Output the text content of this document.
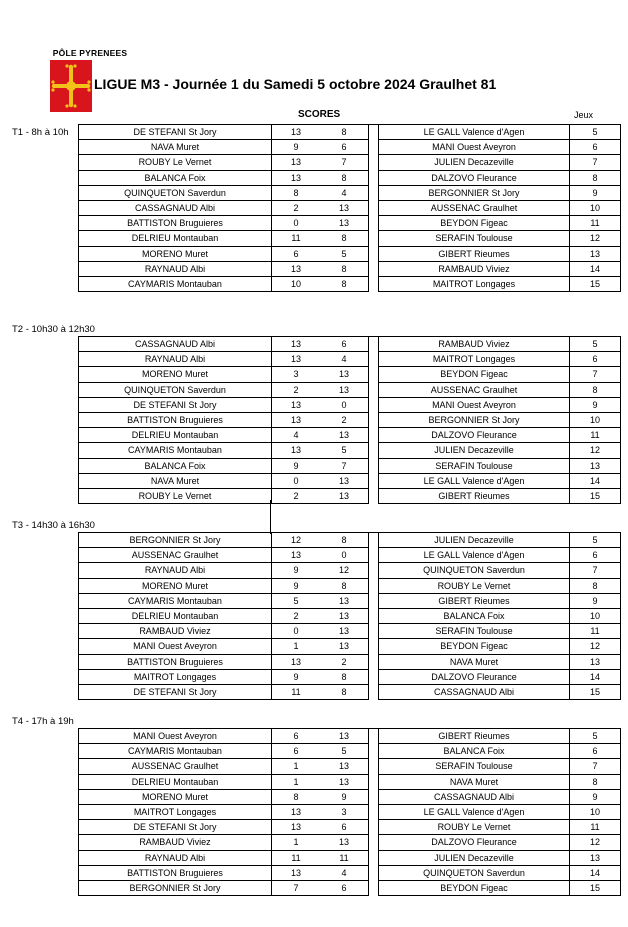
PÔLE PYRENEES
LIGUE M3 - Journée 1 du Samedi 5 octobre 2024 Graulhet 81
SCORES	Jeux
T1 - 8h à 10h	DE STEFANI St Jory	13	8		LE GALL Valence d'Agen	5
NAVA Muret	9	6		MANI Ouest Aveyron	6
ROUBY Le Vernet	13	7		JULIEN Decazeville	7
BALANCA Foix	13	8		DALZOVO Fleurance	8
QUINQUETON Saverdun	8	4		BERGONNIER St Jory	9
CASSAGNAUD Albi	2	13		AUSSENAC Graulhet	10
BATTISTON Bruguieres	0	13		BEYDON Figeac	11
DELRIEU Montauban	11	8		SERAFIN Toulouse	12
MORENO Muret	6	5		GIBERT Rieumes	13
RAYNAUD Albi	13	8		RAMBAUD Viviez	14
CAYMARIS Montauban	10	8		MAITROT Longages	15
T2 - 10h30 à 12h30
CASSAGNAUD Albi	13	6		RAMBAUD Viviez	5
RAYNAUD Albi	13	4		MAITROT Longages	6
MORENO Muret	3	13		BEYDON Figeac	7
QUINQUETON Saverdun	2	13		AUSSENAC Graulhet	8
DE STEFANI St Jory	13	0		MANI Ouest Aveyron	9
BATTISTON Bruguieres	13	2		BERGONNIER St Jory	10
DELRIEU Montauban	4	13		DALZOVO Fleurance	11
CAYMARIS Montauban	13	5		JULIEN Decazeville	12
BALANCA Foix	9	7		SERAFIN Toulouse	13
NAVA Muret	0	13		LE GALL Valence d'Agen	14
ROUBY Le Vernet	2	13		GIBERT Rieumes	15
T3 - 14h30 à 16h30
BERGONNIER St Jory	12	8		JULIEN Decazeville	5
AUSSENAC Graulhet	13	0		LE GALL Valence d'Agen	6
RAYNAUD Albi	9	12		QUINQUETON Saverdun	7
MORENO Muret	9	8		ROUBY Le Vernet	8
CAYMARIS Montauban	5	13		GIBERT Rieumes	9
DELRIEU Montauban	2	13		BALANCA Foix	10
RAMBAUD Viviez	0	13		SERAFIN Toulouse	11
MANI Ouest Aveyron	1	13		BEYDON Figeac	12
BATTISTON Bruguieres	13	2		NAVA Muret	13
MAITROT Longages	9	8		DALZOVO Fleurance	14
DE STEFANI St Jory	11	8		CASSAGNAUD Albi	15
T4 - 17h à 19h
MANI Ouest Aveyron	6	13		GIBERT Rieumes	5
CAYMARIS Montauban	6	5		BALANCA Foix	6
AUSSENAC Graulhet	1	13		SERAFIN Toulouse	7
DELRIEU Montauban	1	13		NAVA Muret	8
MORENO Muret	8	9		CASSAGNAUD Albi	9
MAITROT Longages	13	3		LE GALL Valence d'Agen	10
DE STEFANI St Jory	13	6		ROUBY Le Vernet	11
RAMBAUD Viviez	1	13		DALZOVO Fleurance	12
RAYNAUD Albi	11	11		JULIEN Decazeville	13
BATTISTON Bruguieres	13	4		QUINQUETON Saverdun	14
BERGONNIER St Jory	7	6		BEYDON Figeac	15
